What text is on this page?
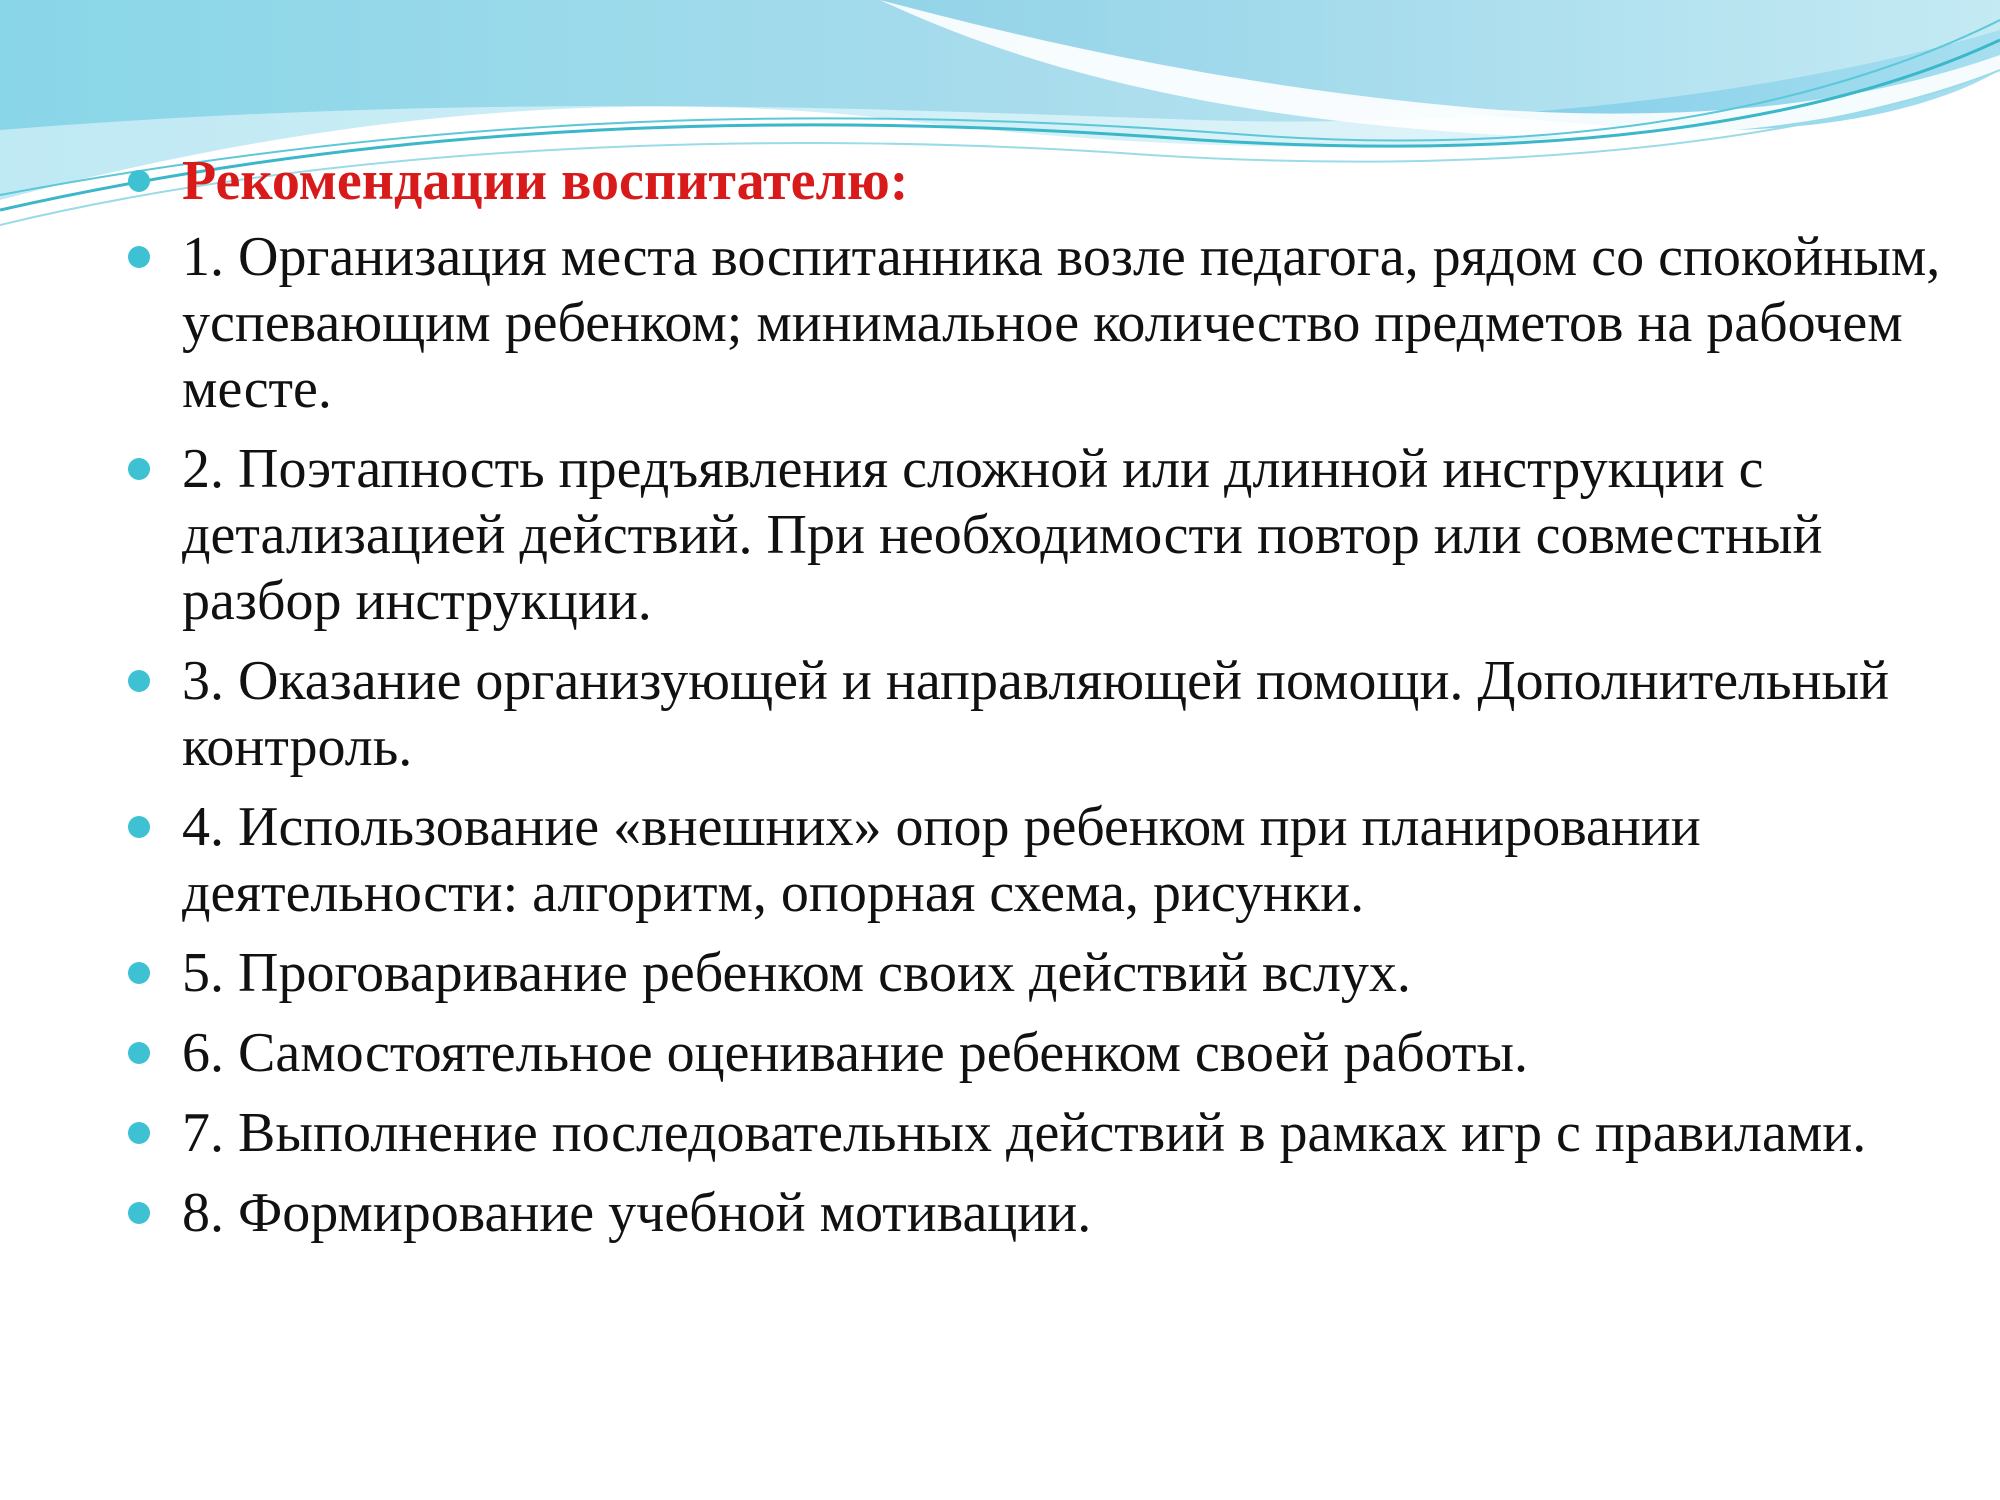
Рекомендации воспитателю:
1. Организация места воспитанника возле педагога, рядом со спокойным, успевающим ребенком; минимальное количество предметов на рабочем месте.
2. Поэтапность предъявления сложной или длинной инструкции с детализацией действий. При необходимости повтор или совместный разбор инструкции.
3. Оказание организующей и направляющей помощи. Дополнительный контроль.
4. Использование «внешних» опор ребенком при планировании деятельности: алгоритм, опорная схема, рисунки.
5. Проговаривание ребенком своих действий вслух.
6. Самостоятельное оценивание ребенком своей работы.
7. Выполнение последовательных действий в рамках игр с правилами.
8. Формирование учебной мотивации.
